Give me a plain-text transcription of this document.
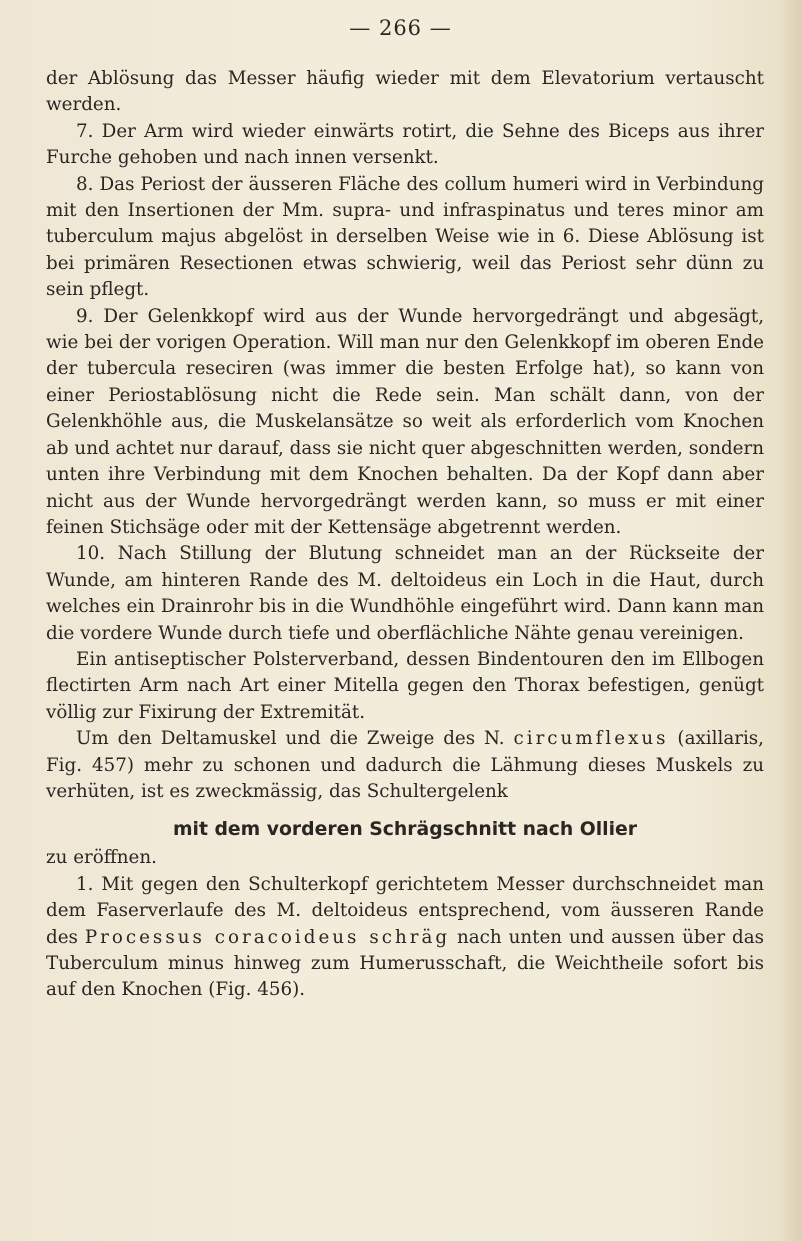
— 266 —

der Ablösung das Messer häufig wieder mit dem Elevatorium vertauscht werden.

7. Der Arm wird wieder einwärts rotirt, die Sehne des Biceps aus ihrer Furche gehoben und nach innen versenkt.

8. Das Periost der äusseren Fläche des collum humeri wird in Verbindung mit den Insertionen der Mm. supra- und infraspinatus und teres minor am tuberculum majus abgelöst in derselben Weise wie in 6. Diese Ablösung ist bei primären Resectionen etwas schwierig, weil das Periost sehr dünn zu sein pflegt.

9. Der Gelenkkopf wird aus der Wunde hervorgedrängt und abgesägt, wie bei der vorigen Operation. Will man nur den Gelenkkopf im oberen Ende der tubercula reseciren (was immer die besten Erfolge hat), so kann von einer Periostablösung nicht die Rede sein. Man schält dann, von der Gelenkhöhle aus, die Muskelansätze so weit als erforderlich vom Knochen ab und achtet nur darauf, dass sie nicht quer abgeschnitten werden, sondern unten ihre Verbindung mit dem Knochen behalten. Da der Kopf dann aber nicht aus der Wunde hervorgedrängt werden kann, so muss er mit einer feinen Stichsäge oder mit der Kettensäge abgetrennt werden.

10. Nach Stillung der Blutung schneidet man an der Rückseite der Wunde, am hinteren Rande des M. deltoideus ein Loch in die Haut, durch welches ein Drainrohr bis in die Wundhöhle eingeführt wird. Dann kann man die vordere Wunde durch tiefe und oberflächliche Nähte genau vereinigen.

Ein antiseptischer Polsterverband, dessen Bindentouren den im Ellbogen flectirten Arm nach Art einer Mitella gegen den Thorax befestigen, genügt völlig zur Fixirung der Extremität.

Um den Deltamuskel und die Zweige des N. circumflexus (axillaris, Fig. 457) mehr zu schonen und dadurch die Lähmung dieses Muskels zu verhüten, ist es zweckmässig, das Schultergelenk

mit dem vorderen Schrägschnitt nach Ollier

zu eröffnen.

1. Mit gegen den Schulterkopf gerichtetem Messer durchschneidet man dem Faserverlaufe des M. deltoideus entsprechend, vom äusseren Rande des Processus coracoideus schräg nach unten und aussen über das Tuberculum minus hinweg zum Humerusschaft, die Weichtheile sofort bis auf den Knochen (Fig. 456).
